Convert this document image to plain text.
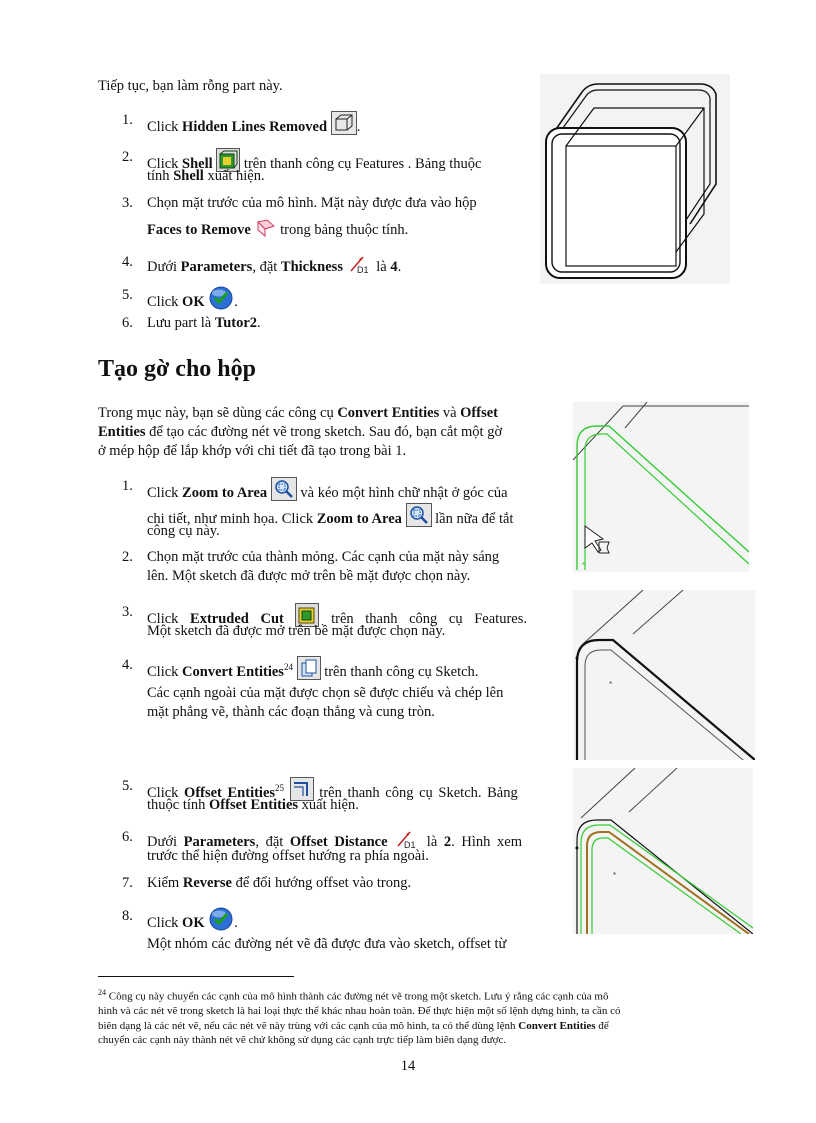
Tiếp tục, bạn làm rỗng part này.
1. Click Hidden Lines Removed .
2. Click Shell  trên thanh công cụ Features . Bảng thuộc
tính Shell xuất hiện.
3. Chọn mặt trước của mô hình. Mặt này được đưa vào hộp
Faces to Remove  trong bảng thuộc tính.
4. Dưới Parameters, đặt Thickness D1 là 4.
5. Click OK .
6. Lưu part là Tutor2.
Tạo gờ cho hộp
Trong mục này, bạn sẽ dùng các công cụ Convert Entities và Offset
Entities để tạo các đường nét vẽ trong sketch. Sau đó, bạn cắt một gờ
ở mép hộp để lắp khớp với chi tiết đã tạo trong bài 1.
1. Click Zoom to Area  và kéo một hình chữ nhật ở góc của
chi tiết, như minh họa. Click Zoom to Area  lần nữa để tắt
công cụ này.
2. Chọn mặt trước của thành mỏng. Các cạnh của mặt này sáng
lên. Một sketch đã được mở trên bề mặt được chọn này.
3. Click Extruded Cut  trên thanh công cụ Features.
Một sketch đã được mở trên bề mặt được chọn này.
4. Click Convert Entities$^{24}$  trên thanh công cụ Sketch.
Các cạnh ngoài của mặt được chọn sẽ được chiếu và chép lên
mặt phẳng vẽ, thành các đoạn thẳng và cung tròn.
5. Click Offset Entities$^{25}$  trên thanh công cụ Sketch. Bảng
thuộc tính Offset Entities xuất hiện.
6. Dưới Parameters, đặt Offset Distance D1 là 2. Hình xem
trước thể hiện đường offset hướng ra phía ngoài.
7. Kiểm Reverse để đổi hướng offset vào trong.
8. Click OK .
Một nhóm các đường nét vẽ đã được đưa vào sketch, offset từ
*
*
*
$^{24}$ Công cụ này chuyển các cạnh của mô hình thành các đường nét vẽ trong một sketch. Lưu ý rằng các cạnh của mô
hình và các nét vẽ trong sketch là hai loại thực thể khác nhau hoàn toàn. Để thực hiện một số lệnh dựng hình, ta cần có
biên dạng là các nét vẽ, nếu các nét vẽ này trùng với các cạnh của mô hình, ta có thể dùng lệnh Convert Entities để
chuyển các cạnh này thành nét vẽ chứ không sử dụng các cạnh trực tiếp làm biên dạng được.
14
